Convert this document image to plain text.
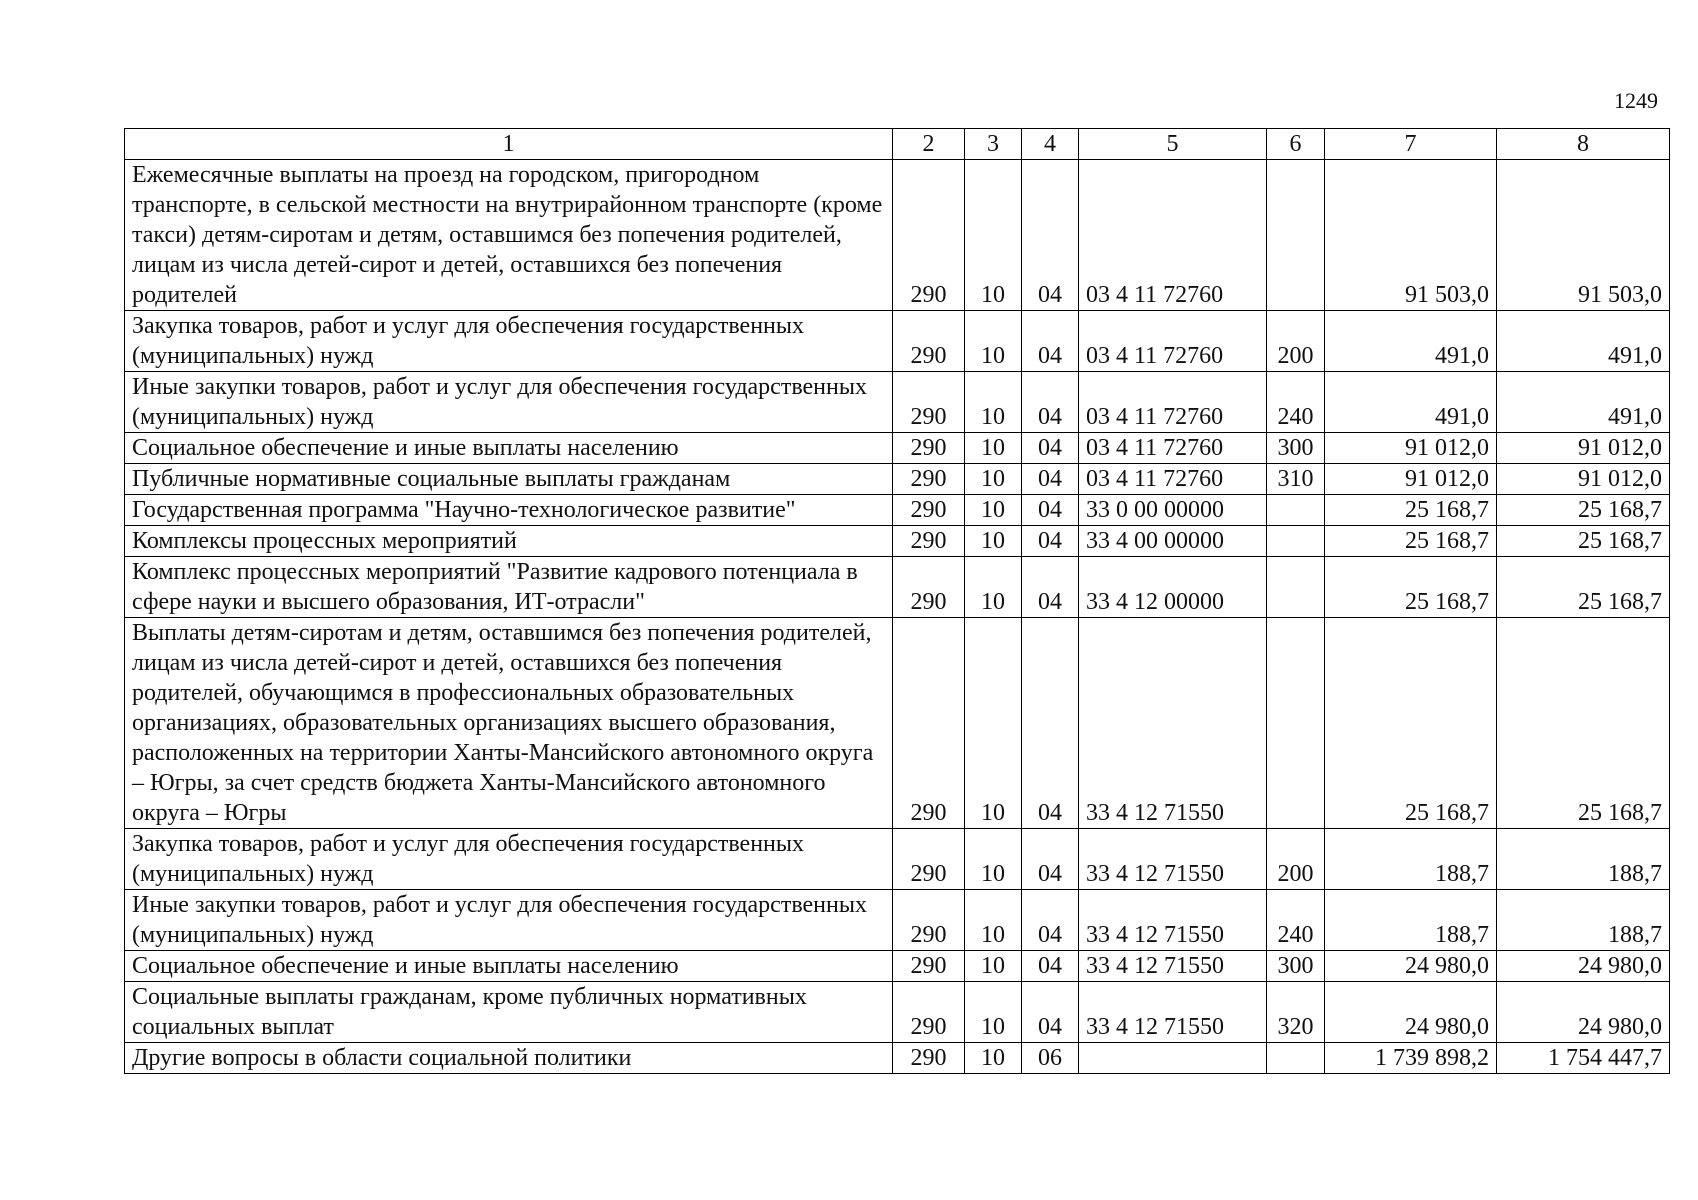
1249
1	2	3	4	5	6	7	8
Ежемесячные выплаты на проезд на городском, пригородном транспорте, в сельской местности на внутрирайонном транспорте (кроме такси) детям-сиротам и детям, оставшимся без попечения родителей, лицам из числа детей-сирот и детей, оставшихся без попечения родителей	290	10	04	03 4 11 72760		91 503,0	91 503,0
Закупка товаров, работ и услуг для обеспечения государственных (муниципальных) нужд	290	10	04	03 4 11 72760	200	491,0	491,0
Иные закупки товаров, работ и услуг для обеспечения государственных (муниципальных) нужд	290	10	04	03 4 11 72760	240	491,0	491,0
Социальное обеспечение и иные выплаты населению	290	10	04	03 4 11 72760	300	91 012,0	91 012,0
Публичные нормативные социальные выплаты гражданам	290	10	04	03 4 11 72760	310	91 012,0	91 012,0
Государственная программа "Научно-технологическое развитие"	290	10	04	33 0 00 00000		25 168,7	25 168,7
Комплексы процессных мероприятий	290	10	04	33 4 00 00000		25 168,7	25 168,7
Комплекс процессных мероприятий "Развитие кадрового потенциала в сфере науки и высшего образования, ИТ-отрасли"	290	10	04	33 4 12 00000		25 168,7	25 168,7
Выплаты детям-сиротам и детям, оставшимся без попечения родителей, лицам из числа детей-сирот и детей, оставшихся без попечения родителей, обучающимся в профессиональных образовательных организациях, образовательных организациях высшего образования, расположенных на территории Ханты-Мансийского автономного округа – Югры, за счет средств бюджета Ханты-Мансийского автономного округа – Югры	290	10	04	33 4 12 71550		25 168,7	25 168,7
Закупка товаров, работ и услуг для обеспечения государственных (муниципальных) нужд	290	10	04	33 4 12 71550	200	188,7	188,7
Иные закупки товаров, работ и услуг для обеспечения государственных (муниципальных) нужд	290	10	04	33 4 12 71550	240	188,7	188,7
Социальное обеспечение и иные выплаты населению	290	10	04	33 4 12 71550	300	24 980,0	24 980,0
Социальные выплаты гражданам, кроме публичных нормативных социальных выплат	290	10	04	33 4 12 71550	320	24 980,0	24 980,0
Другие вопросы в области социальной политики	290	10	06			1 739 898,2	1 754 447,7
